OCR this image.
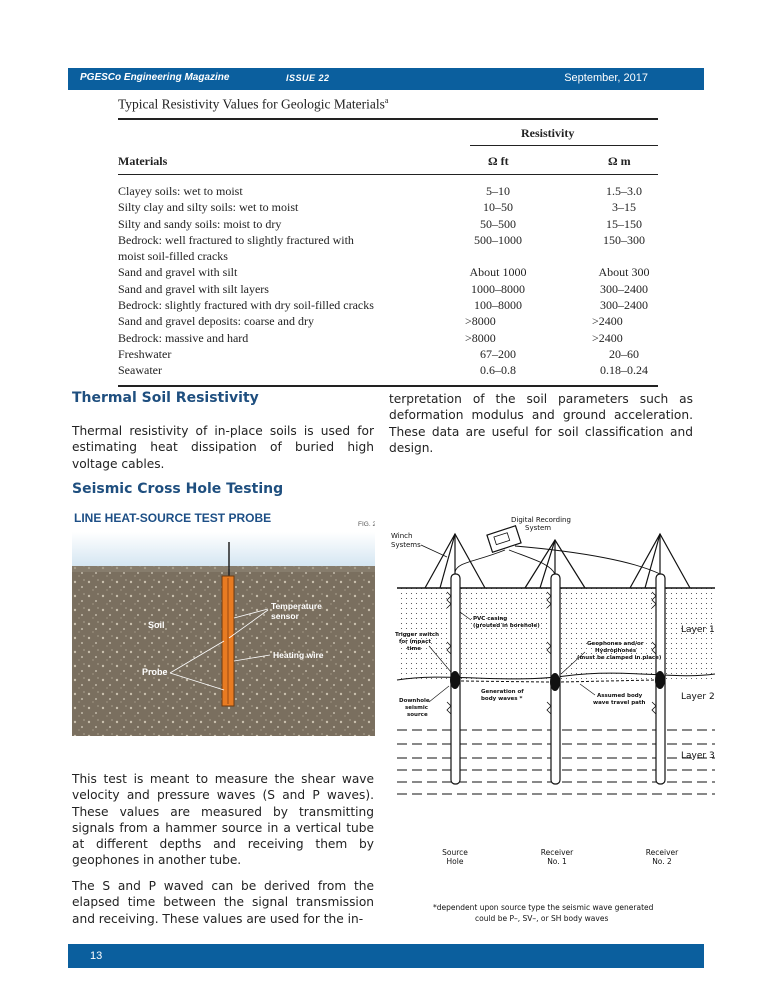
PGESCo Engineering Magazine	ISSUE 22	September, 2017
Typical Resistivity Values for Geologic Materials$^a$
Resistivity
Materials	Ω ft	Ω m
Clayey soils: wet to moist	5–10	1.5–3.0
Silty clay and silty soils: wet to moist	10–50	3–15
Silty and sandy soils: moist to dry	50–500	15–150
Bedrock: well fractured to slightly fractured with	500–1000	150–300
moist soil-filled cracks
Sand and gravel with silt	About 1000	About 300
Sand and gravel with silt layers	1000–8000	300–2400
Bedrock: slightly fractured with dry soil-filled cracks	100–8000	300–2400
Sand and gravel deposits: coarse and dry	>8000	>2400
Bedrock: massive and hard	>8000	>2400
Freshwater	67–200	20–60
Seawater	0.6–0.8	0.18–0.24
Thermal Soil Resistivity
Thermal resistivity of in-place soils is used for estimating heat dissipation of buried high voltage cables.
Seismic Cross Hole Testing
terpretation of the soil parameters such as deformation modulus and ground acceleration. These data are useful for soil classification and design.
LINE HEAT-SOURCE TEST PROBE	FIG. 2
Soil
Temperature
sensor
Heating wire
Probe
This test is meant to measure the shear wave velocity and pressure waves (S and P waves). These values are measured by transmitting signals from a hammer source in a vertical tube at different depths and receiving them by geophones in another tube.
The S and P waved can be derived from the elapsed time between the signal transmission and receiving. These values are used for the in-
Digital Recording
System
Winch
Systems
PVC casing
(grouted in borehole)
Trigger switch
for impact
time
Geophones and/or
Hydrophones
(must be clamped in place)
Generation of
body waves *	Assumed body
wave travel path
Downhole
seismic
source
Layer 1
Layer 2
Layer 3
Source
Hole
Receiver
No. 1
Receiver
No. 2
*dependent upon source type the seismic wave generated
could be P–, SV–, or SH body waves
13
